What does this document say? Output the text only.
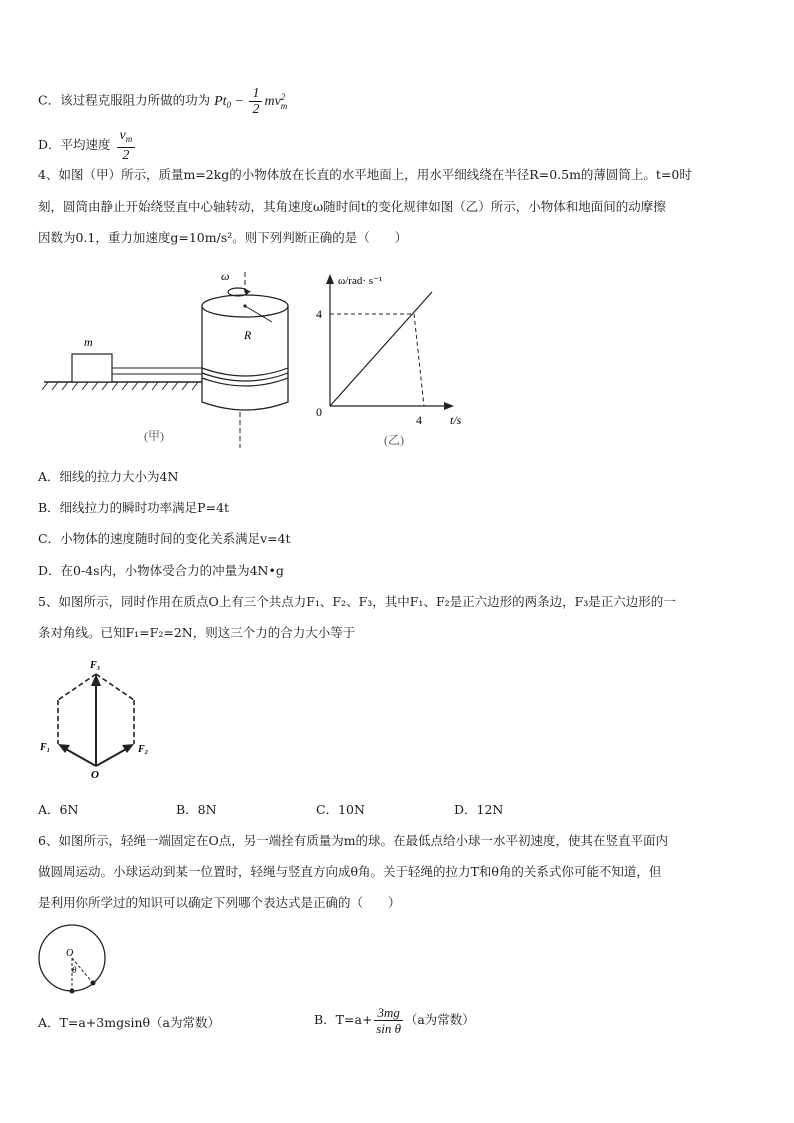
C．该过程克服阻力所做的功为 $Pt_0 - \frac{1}{2}$ mv 2
m
D．平均速度 $\frac{v_m}{2}$
4、如图（甲）所示，质量m=2kg的小物体放在长直的水平地面上，用水平细线绕在半径R=0.5m的薄圆筒上。t=0时
刻，圆筒由静止开始绕竖直中心轴转动，其角速度ω随时间t的变化规律如图（乙）所示，小物体和地面间的动摩擦
因数为0.1，重力加速度g=10m/s²。则下列判断正确的是（　　）
m	R
ω
(甲)
ω/rad· s⁻¹
4
0
4 t/s
(乙)
A．细线的拉力大小为4N
B．细线拉力的瞬时功率满足P=4t
C．小物体的速度随时间的变化关系满足v=4t
D．在0-4s内，小物体受合力的冲量为4N•g
5、如图所示，同时作用在质点O上有三个共点力F₁、F₂、F₃，其中F₁、F₂是正六边形的两条边，F₃是正六边形的一
条对角线。已知F₁=F₂=2N，则这三个力的合力大小等于
F₃
F₁	F₂
O
A．6N	B．8N	C．10N	D．12N
6、如图所示，轻绳一端固定在O点，另一端拴有质量为m的球。在最低点给小球一水平初速度，使其在竖直平面内
做圆周运动。小球运动到某一位置时，轻绳与竖直方向成θ角。关于轻绳的拉力T和θ角的关系式你可能不知道，但
是利用你所学过的知识可以确定下列哪个表达式是正确的（　　）
O
θ
A．T=a+3mgsinθ（a为常数）	B．$T=a+ \frac{3mg}{\text{sin θ}} (a$为常数）
